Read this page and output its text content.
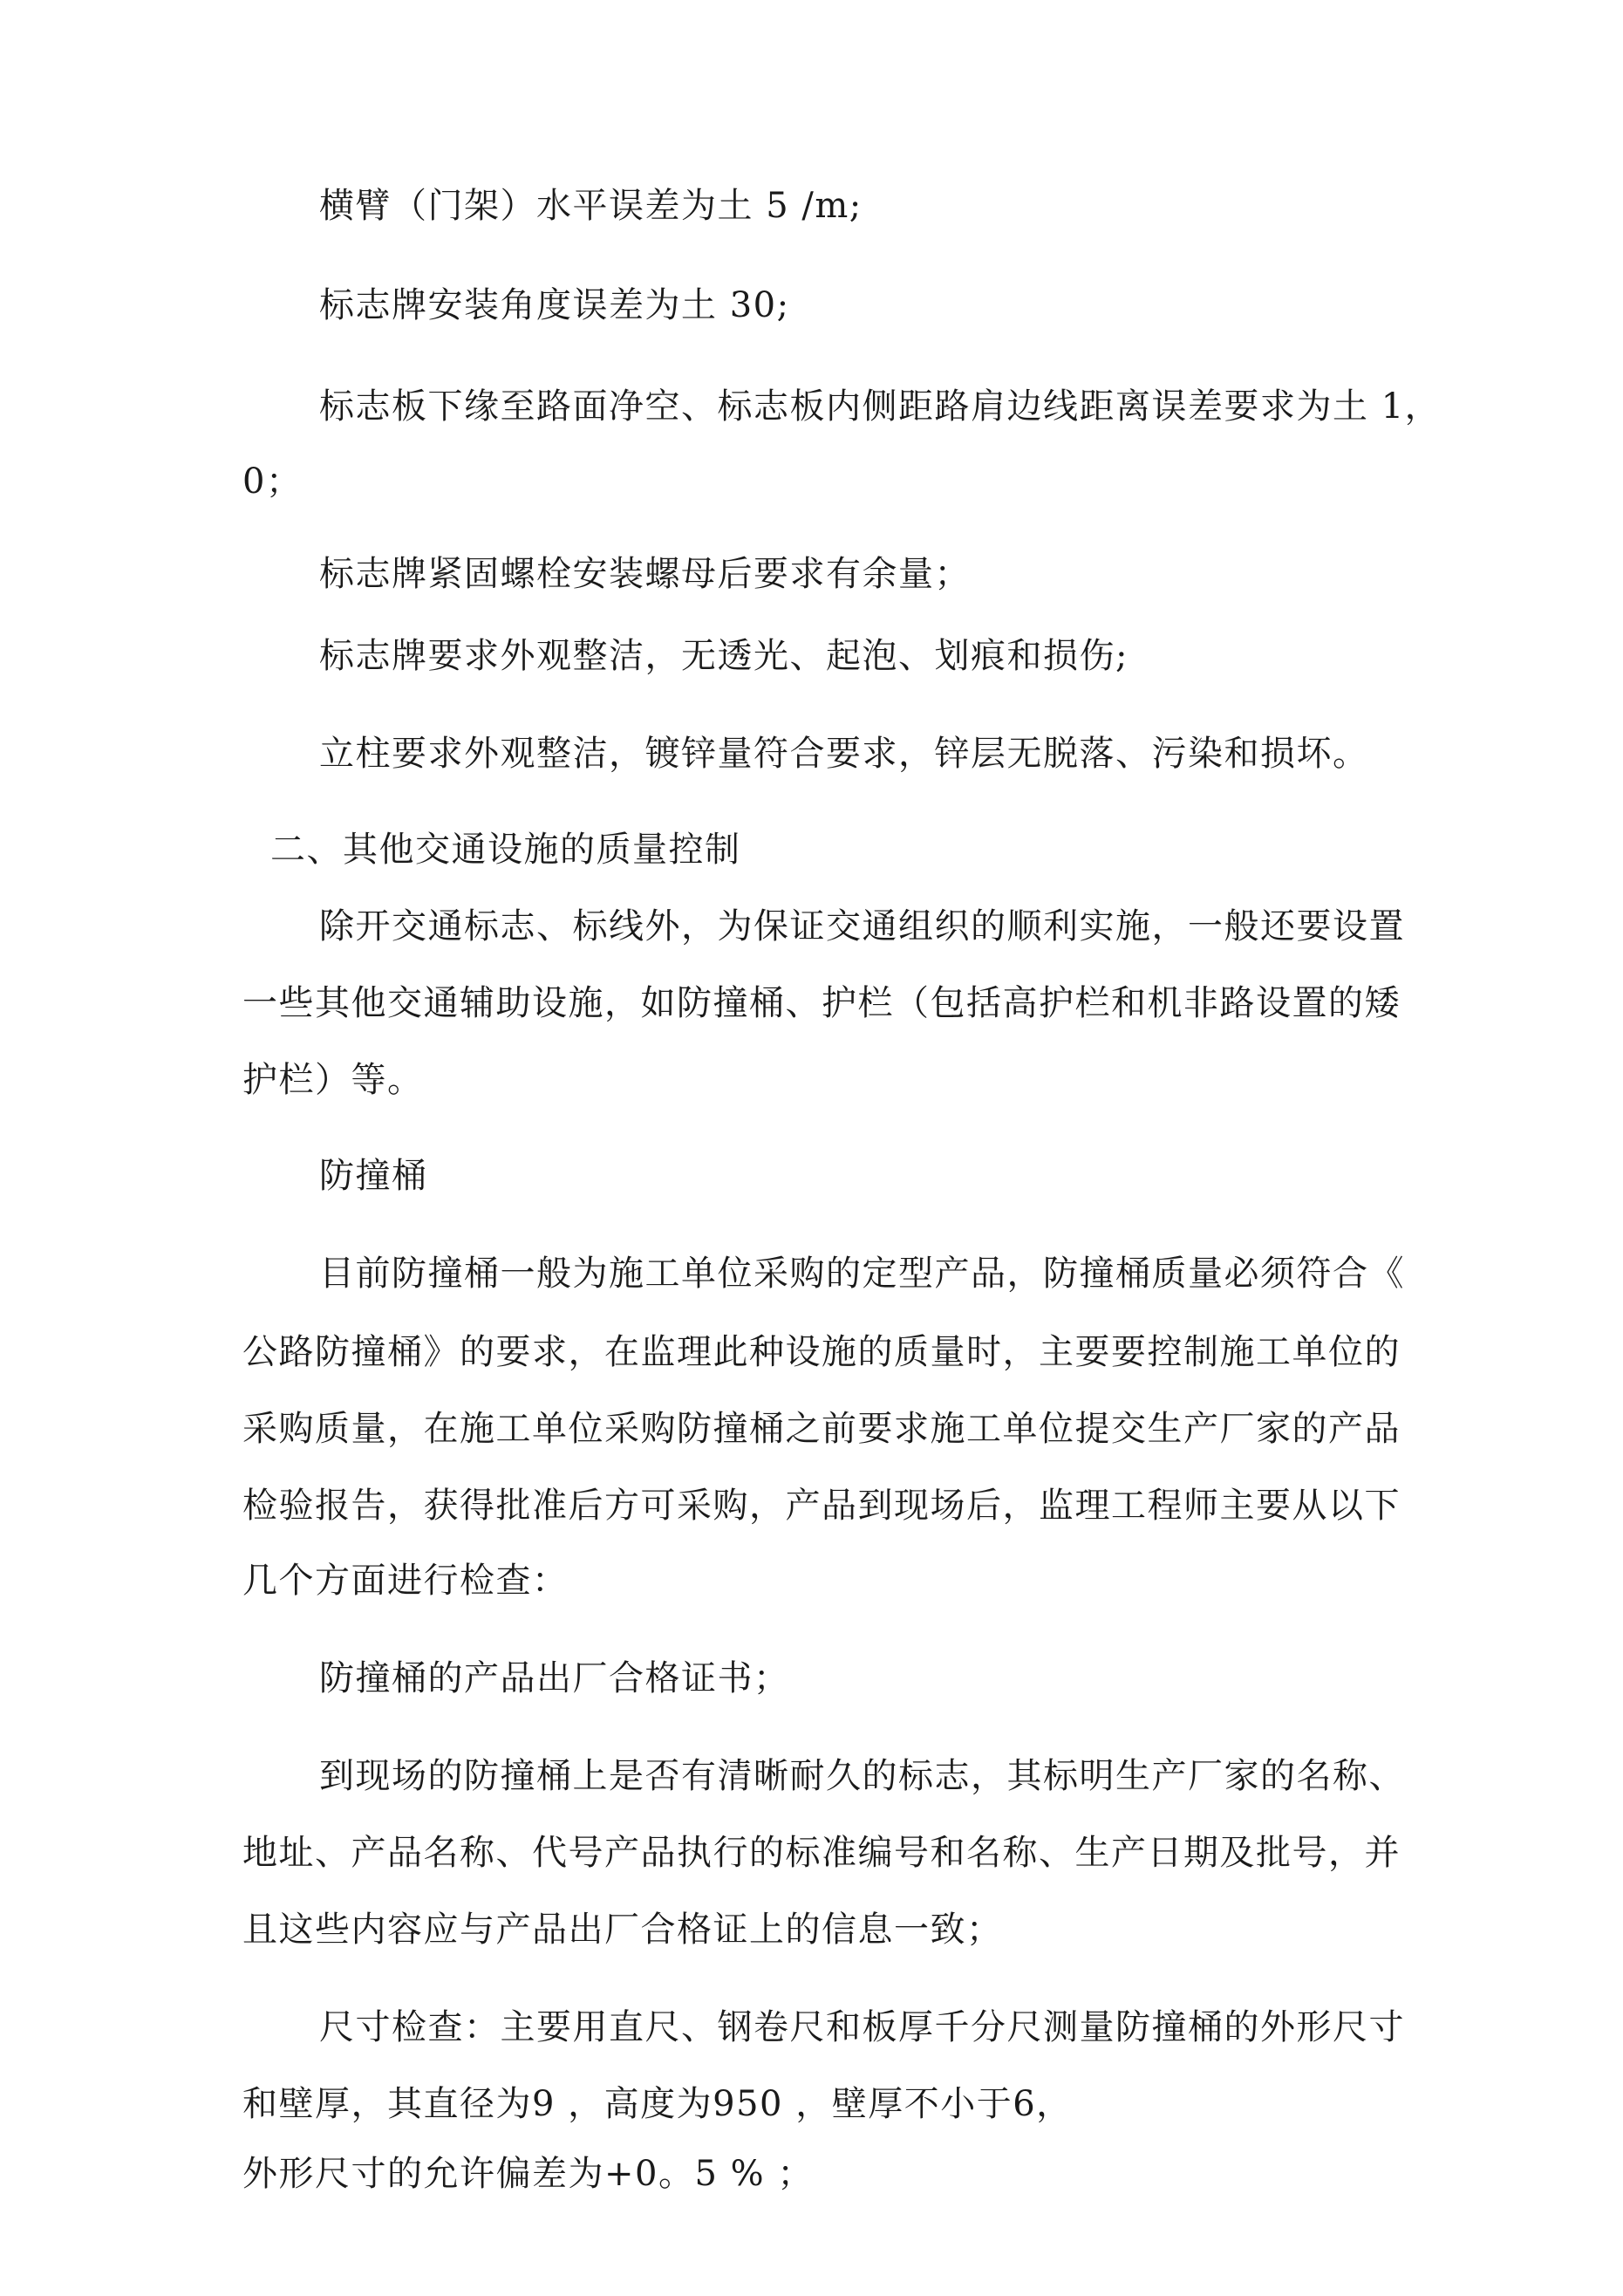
横臂（门架）水平误差为土 5 /m;
标志牌安装角度误差为土 30;
标志板下缘至路面净空、标志板内侧距路肩边线距离误差要求为土 1，
0；
标志牌紧固螺栓安装螺母后要求有余量；
标志牌要求外观整洁，无透光、起泡、划痕和损伤;
立柱要求外观整洁，镀锌量符合要求，锌层无脱落、污染和损坏。
二、其他交通设施的质量控制
除开交通标志、标线外，为保证交通组织的顺利实施，一般还要设置
一些其他交通辅助设施，如防撞桶、护栏（包括高护栏和机非路设置的矮
护栏）等。
防撞桶
目前防撞桶一般为施工单位采购的定型产品，防撞桶质量必须符合《
公路防撞桶》的要求，在监理此种设施的质量时，主要要控制施工单位的
采购质量，在施工单位采购防撞桶之前要求施工单位提交生产厂家的产品
检验报告，获得批准后方可采购，产品到现场后，监理工程师主要从以下
几个方面进行检查：
防撞桶的产品出厂合格证书；
到现场的防撞桶上是否有清晰耐久的标志，其标明生产厂家的名称、
地址、产品名称、代号产品执行的标准编号和名称、生产日期及批号，并
且这些内容应与产品出厂合格证上的信息一致；
尺寸检查：主要用直尺、钢卷尺和板厚千分尺测量防撞桶的外形尺寸
和壁厚，其直径为9 ，高度为950 ，壁厚不小于6，
外形尺寸的允许偏差为+0。5 % ；
